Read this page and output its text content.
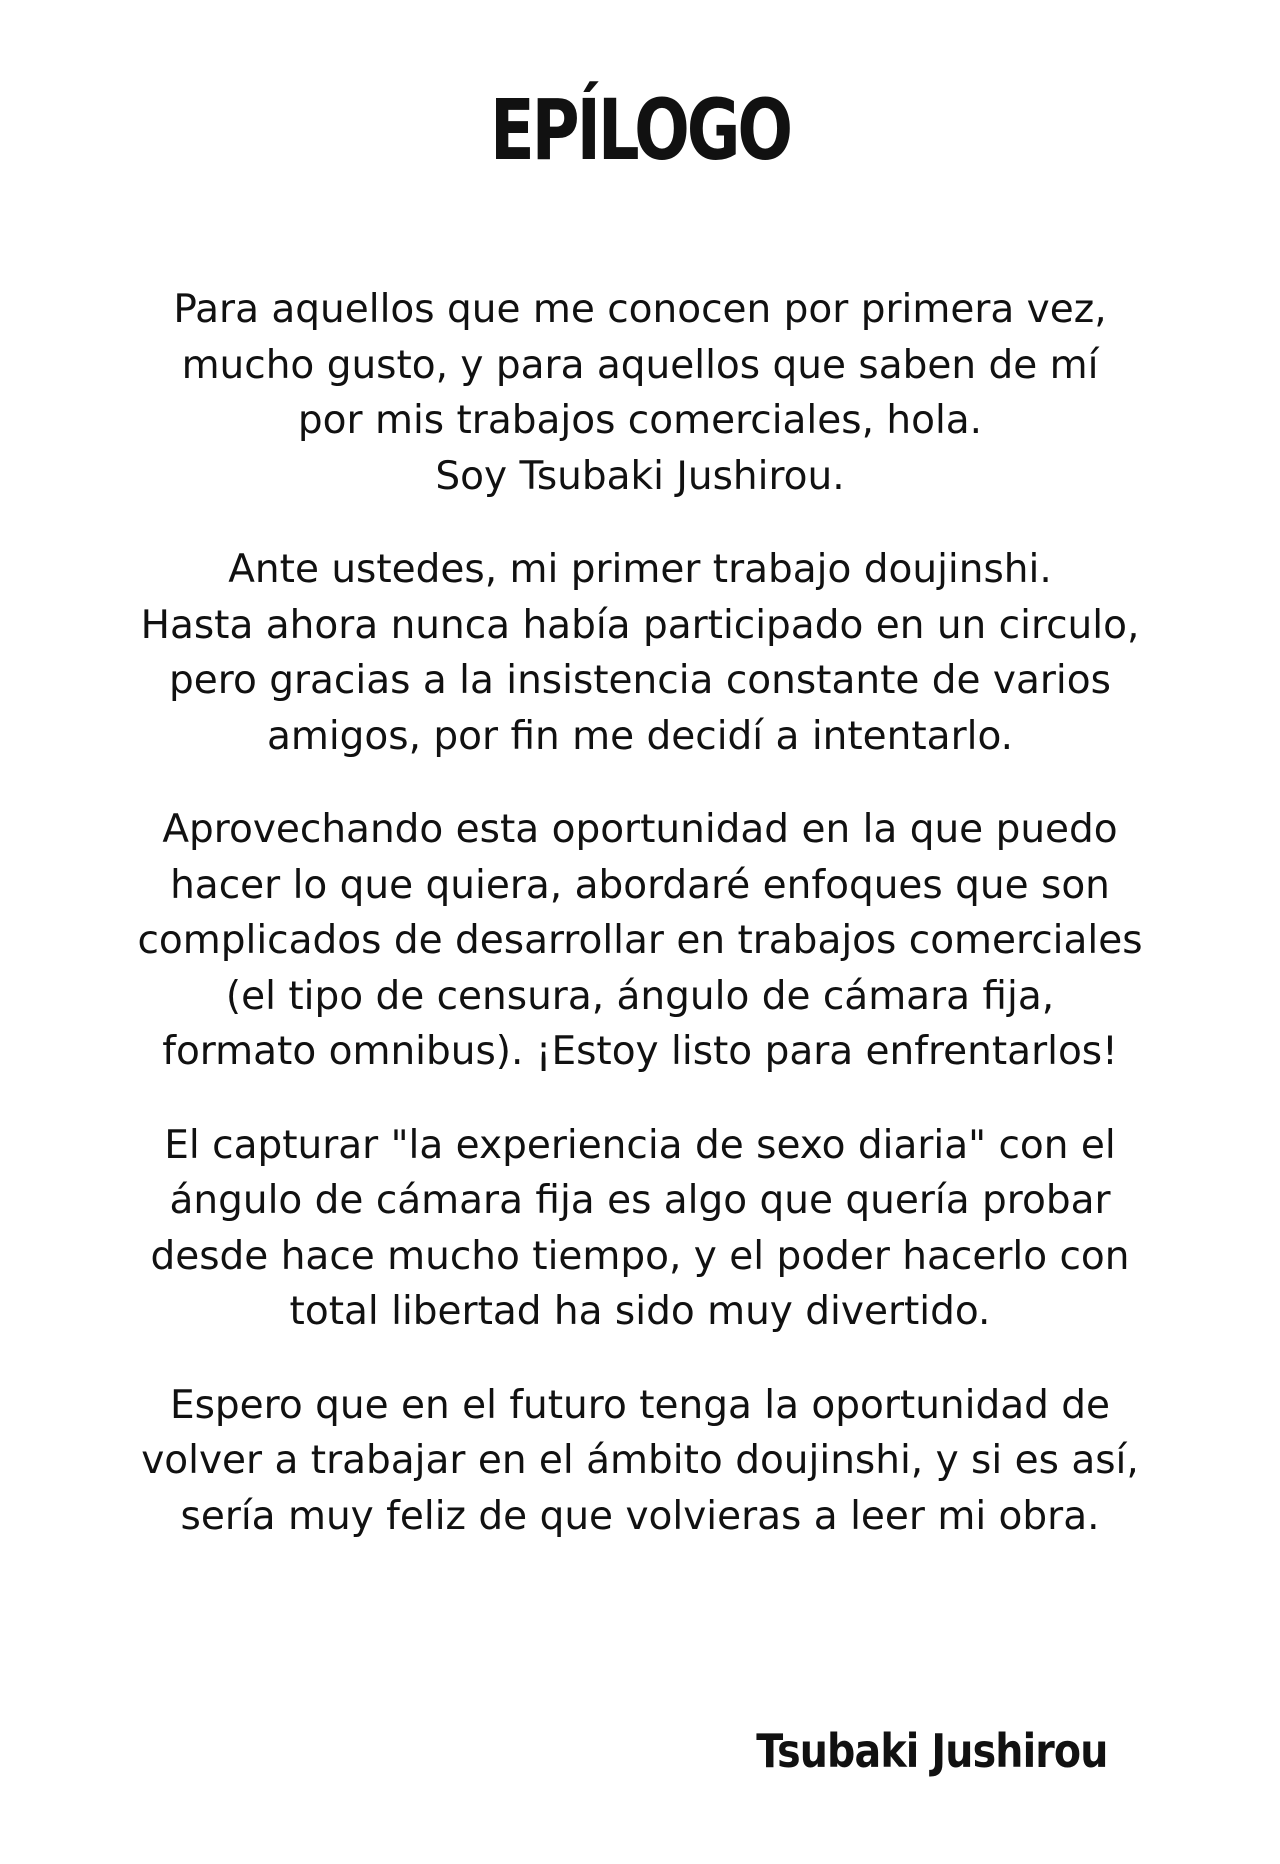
EPÍLOGO

Para aquellos que me conocen por primera vez,
mucho gusto, y para aquellos que saben de mí
por mis trabajos comerciales, hola.
Soy Tsubaki Jushirou.

Ante ustedes, mi primer trabajo doujinshi.
Hasta ahora nunca había participado en un circulo,
pero gracias a la insistencia constante de varios
amigos, por fin me decidí a intentarlo.

Aprovechando esta oportunidad en la que puedo
hacer lo que quiera, abordaré enfoques que son
complicados de desarrollar en trabajos comerciales
(el tipo de censura, ángulo de cámara fija,
formato omnibus). ¡Estoy listo para enfrentarlos!

El capturar "la experiencia de sexo diaria" con el
ángulo de cámara fija es algo que quería probar
desde hace mucho tiempo, y el poder hacerlo con
total libertad ha sido muy divertido.

Espero que en el futuro tenga la oportunidad de
volver a trabajar en el ámbito doujinshi, y si es así,
sería muy feliz de que volvieras a leer mi obra.

Tsubaki Jushirou
